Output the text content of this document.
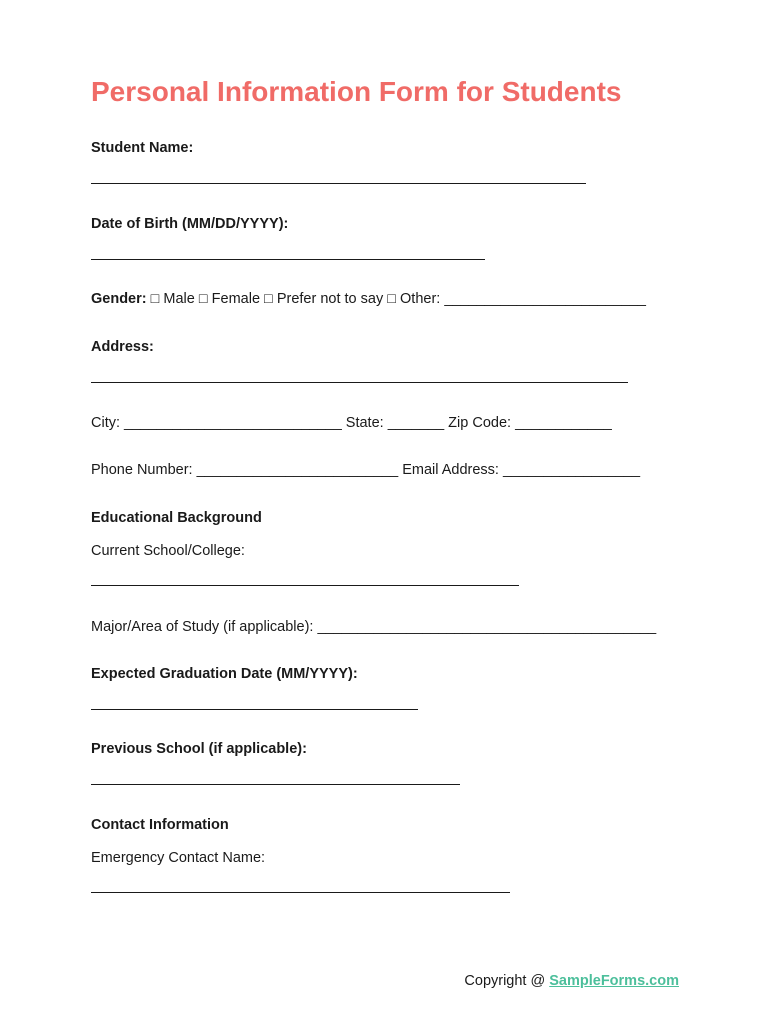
Personal Information Form for Students

Student Name:

Date of Birth (MM/DD/YYYY):

Gender: □ Male □ Female □ Prefer not to say □ Other: _________________________

Address:

City: ___________________________ State: _______ Zip Code: ____________

Phone Number: _________________________ Email Address: _________________

Educational Background

Current School/College:

Major/Area of Study (if applicable): __________________________________________

Expected Graduation Date (MM/YYYY):

Previous School (if applicable):

Contact Information

Emergency Contact Name:

Copyright @ SampleForms.com
